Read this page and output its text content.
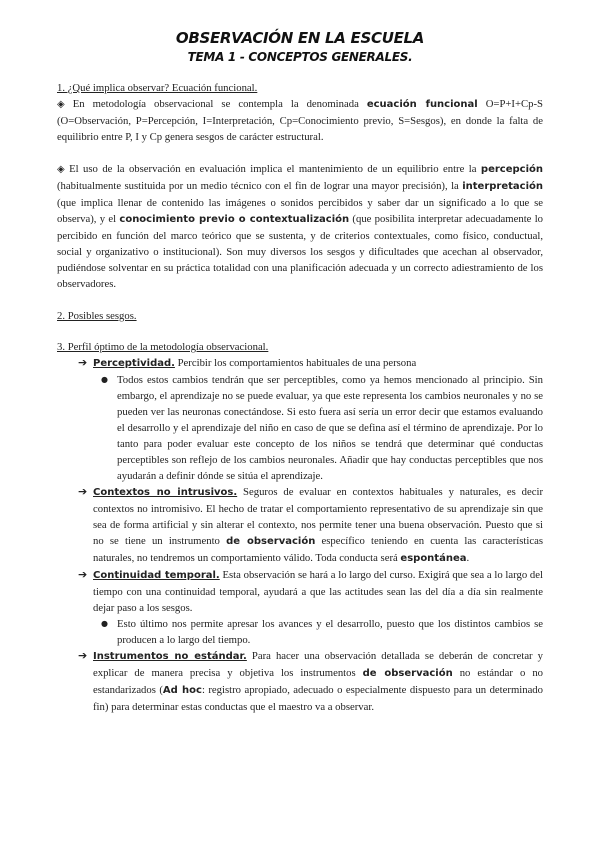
OBSERVACIÓN EN LA ESCUELA
TEMA 1 - CONCEPTOS GENERALES.

1. ¿Qué implica observar? Ecuación funcional.

◈ En metodología observacional se contempla la denominada ecuación funcional O=P+I+Cp-S (O=Observación, P=Percepción, I=Interpretación, Cp=Conocimiento previo, S=Sesgos), en donde la falta de equilibrio entre P, I y Cp genera sesgos de carácter estructural.

◈ El uso de la observación en evaluación implica el mantenimiento de un equilibrio entre la percepción (habitualmente sustituida por un medio técnico con el fin de lograr una mayor precisión), la interpretación (que implica llenar de contenido las imágenes o sonidos percibidos y saber dar un significado a lo que se observa), y el conocimiento previo o contextualización (que posibilita interpretar adecuadamente lo percibido en función del marco teórico que se sustenta, y de criterios contextuales, como físico, conductual, social y organizativo o institucional). Son muy diversos los sesgos y dificultades que acechan al observador, pudiéndose solventar en su práctica totalidad con una planificación adecuada y un correcto adiestramiento de los observadores.

2. Posibles sesgos.

3. Perfil óptimo de la metodología observacional.

➔ Perceptividad. Percibir los comportamientos habituales de una persona

● Todos estos cambios tendrán que ser perceptibles, como ya hemos mencionado al principio. Sin embargo, el aprendizaje no se puede evaluar, ya que este representa los cambios neuronales y no se pueden ver las neuronas conectándose. Si esto fuera así sería un error decir que estamos evaluando el desarrollo y el aprendizaje del niño en caso de que se defina así el término de aprendizaje. Por lo tanto para poder evaluar este concepto de los niños se tendrá que determinar qué conductas perceptibles son reflejo de los cambios neuronales. Añadir que hay conductas perceptibles que nos ayudarán a definir dónde se sitúa el aprendizaje.

➔ Contextos no intrusivos. Seguros de evaluar en contextos habituales y naturales, es decir contextos no intromisivo. El hecho de tratar el comportamiento representativo de su aprendizaje sin que sea de forma artificial y sin alterar el contexto, nos permite tener una buena observación. Puesto que si no se tiene un instrumento de observación específico teniendo en cuenta las características naturales, no tendremos un comportamiento válido. Toda conducta será espontánea.

➔ Continuidad temporal. Esta observación se hará a lo largo del curso. Exigirá que sea a lo largo del tiempo con una continuidad temporal, ayudará a que las actitudes sean las del día a día sin realmente dejar paso a los sesgos.

● Esto último nos permite apresar los avances y el desarrollo, puesto que los distintos cambios se producen a lo largo del tiempo.

➔ Instrumentos no estándar. Para hacer una observación detallada se deberán de concretar y explicar de manera precisa y objetiva los instrumentos de observación no estándar o no estandarizados (Ad hoc: registro apropiado, adecuado o especialmente dispuesto para un determinado fin) para determinar estas conductas que el maestro va a observar.
